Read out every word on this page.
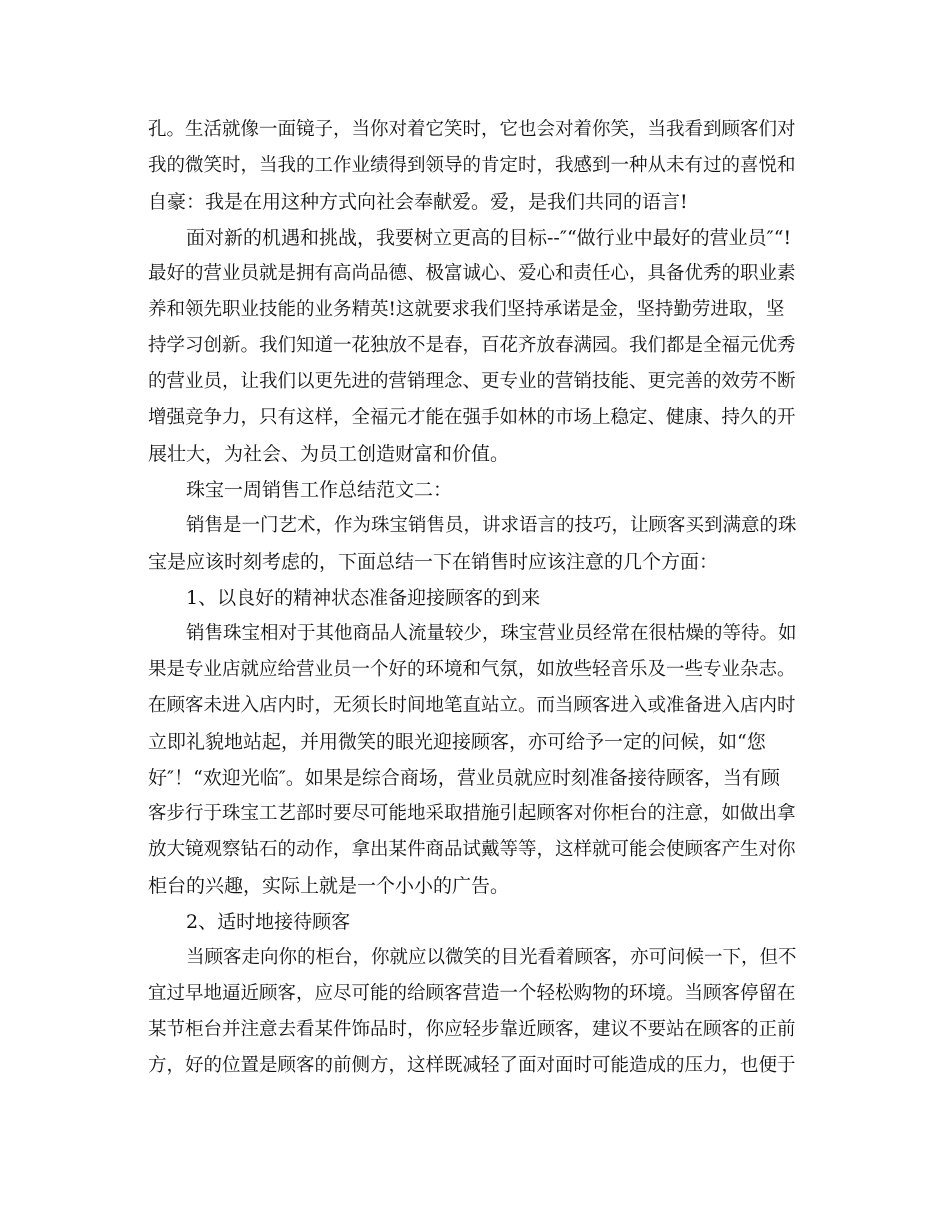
孔。生活就像一面镜子，当你对着它笑时，它也会对着你笑，当我看到顾客们对
我的微笑时，当我的工作业绩得到领导的肯定时，我感到一种从未有过的喜悦和
自豪：我是在用这种方式向社会奉献爱。爱，是我们共同的语言!
面对新的机遇和挑战，我要树立更高的目标--″“做行业中最好的营业员″“!
最好的营业员就是拥有高尚品德、极富诚心、爱心和责任心，具备优秀的职业素
养和领先职业技能的业务精英!这就要求我们坚持承诺是金，坚持勤劳进取，坚
持学习创新。我们知道一花独放不是春，百花齐放春满园。我们都是全福元优秀
的营业员，让我们以更先进的营销理念、更专业的营销技能、更完善的效劳不断
增强竞争力，只有这样，全福元才能在强手如林的市场上稳定、健康、持久的开
展壮大，为社会、为员工创造财富和价值。
珠宝一周销售工作总结范文二：
销售是一门艺术，作为珠宝销售员，讲求语言的技巧，让顾客买到满意的珠
宝是应该时刻考虑的，下面总结一下在销售时应该注意的几个方面：
1、以良好的精神状态准备迎接顾客的到来
销售珠宝相对于其他商品人流量较少，珠宝营业员经常在很枯燥的等待。如
果是专业店就应给营业员一个好的环境和气氛，如放些轻音乐及一些专业杂志。
在顾客未进入店内时，无须长时间地笔直站立。而当顾客进入或准备进入店内时
立即礼貌地站起，并用微笑的眼光迎接顾客，亦可给予一定的问候，如“您
好″！“欢迎光临″。如果是综合商场，营业员就应时刻准备接待顾客，当有顾
客步行于珠宝工艺部时要尽可能地采取措施引起顾客对你柜台的注意，如做出拿
放大镜观察钻石的动作，拿出某件商品试戴等等，这样就可能会使顾客产生对你
柜台的兴趣，实际上就是一个小小的广告。
2、适时地接待顾客
当顾客走向你的柜台，你就应以微笑的目光看着顾客，亦可问候一下，但不
宜过早地逼近顾客，应尽可能的给顾客营造一个轻松购物的环境。当顾客停留在
某节柜台并注意去看某件饰品时，你应轻步靠近顾客，建议不要站在顾客的正前
方，好的位置是顾客的前侧方，这样既减轻了面对面时可能造成的压力，也便于
